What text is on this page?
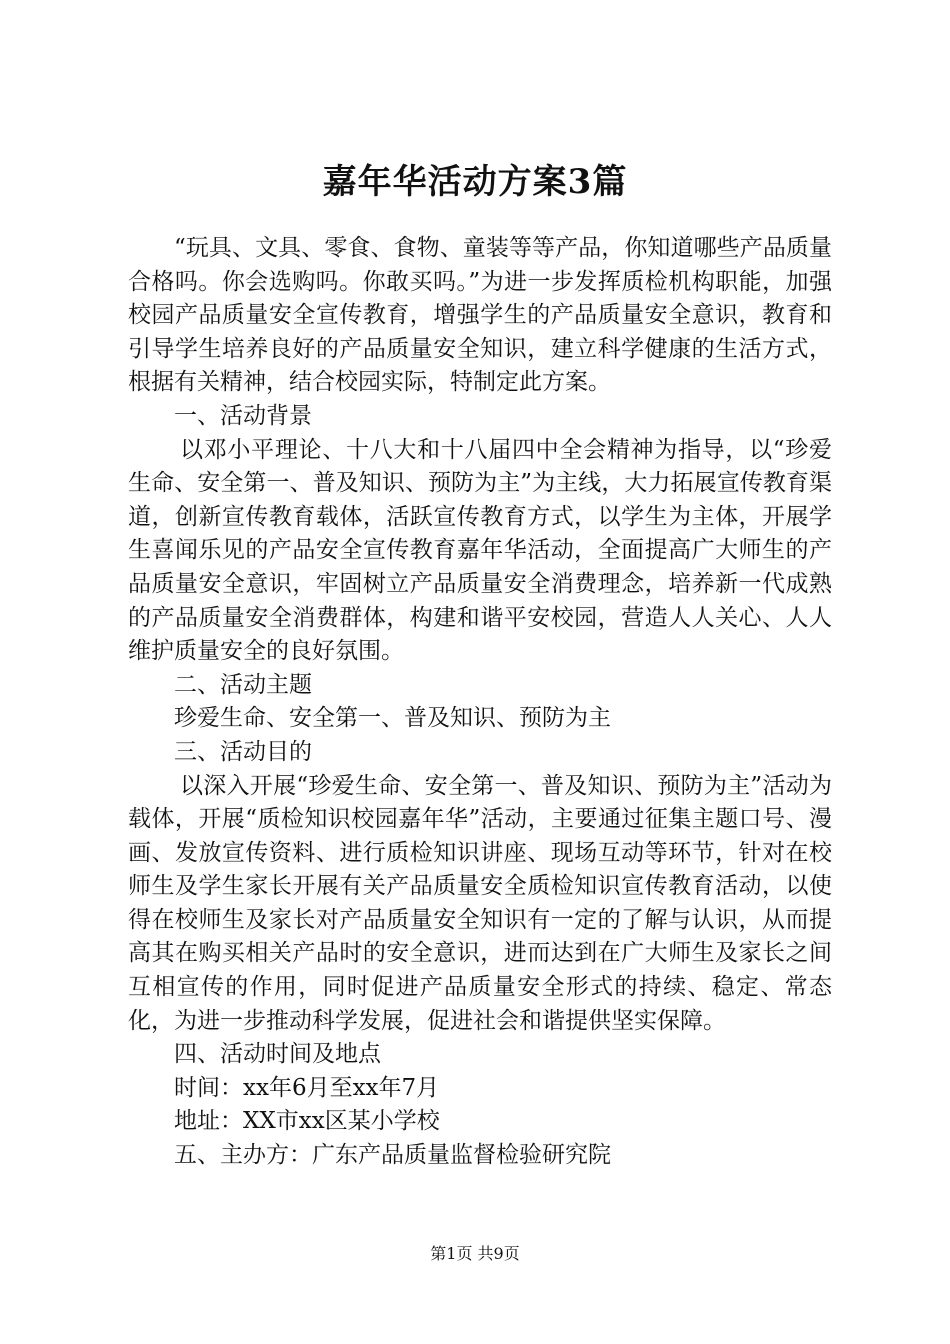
嘉年华活动方案3篇

“玩具、文具、零食、食物、童装等等产品，你知道哪些产品质量合格吗。你会选购吗。你敢买吗。”为进一步发挥质检机构职能，加强校园产品质量安全宣传教育，增强学生的产品质量安全意识，教育和引导学生培养良好的产品质量安全知识，建立科学健康的生活方式，根据有关精神，结合校园实际，特制定此方案。

一、活动背景

以邓小平理论、十八大和十八届四中全会精神为指导，以“珍爱生命、安全第一、普及知识、预防为主”为主线，大力拓展宣传教育渠道，创新宣传教育载体，活跃宣传教育方式，以学生为主体，开展学生喜闻乐见的产品安全宣传教育嘉年华活动，全面提高广大师生的产品质量安全意识，牢固树立产品质量安全消费理念，培养新一代成熟的产品质量安全消费群体，构建和谐平安校园，营造人人关心、人人维护质量安全的良好氛围。

二、活动主题

珍爱生命、安全第一、普及知识、预防为主

三、活动目的

以深入开展“珍爱生命、安全第一、普及知识、预防为主”活动为载体，开展“质检知识校园嘉年华”活动，主要通过征集主题口号、漫画、发放宣传资料、进行质检知识讲座、现场互动等环节，针对在校师生及学生家长开展有关产品质量安全质检知识宣传教育活动，以使得在校师生及家长对产品质量安全知识有一定的了解与认识，从而提高其在购买相关产品时的安全意识，进而达到在广大师生及家长之间互相宣传的作用，同时促进产品质量安全形式的持续、稳定、常态化，为进一步推动科学发展，促进社会和谐提供坚实保障。

四、活动时间及地点

时间：xx年6月至xx年7月

地址：XX市xx区某小学校

五、主办方：广东产品质量监督检验研究院

第1页 共9页
